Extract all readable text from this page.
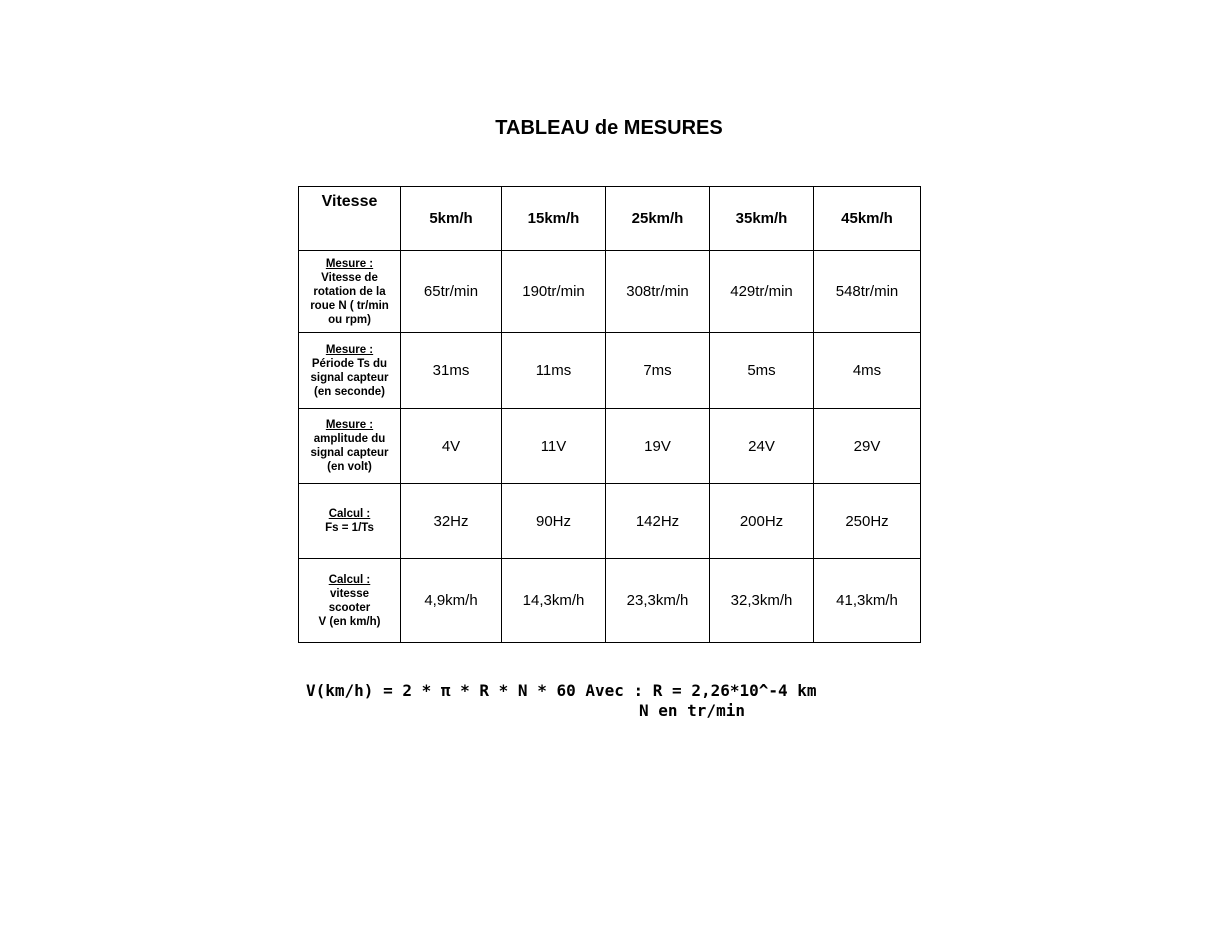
TABLEAU de MESURES
Vitesse	5km/h	15km/h	25km/h	35km/h	45km/h

Mesure :
Vitesse de
rotation de la
roue N ( tr/min
ou rpm)	65tr/min	190tr/min	308tr/min	429tr/min	548tr/min

Mesure :
Période Ts du
signal capteur
(en seconde)	31ms	11ms	7ms	5ms	4ms

Mesure :
amplitude du
signal capteur
(en volt)	4V	11V	19V	24V	29V

Calcul :
Fs = 1/Ts	32Hz	90Hz	142Hz	200Hz	250Hz

Calcul :
vitesse
scooter
V (en km/h)	4,9km/h	14,3km/h	23,3km/h	32,3km/h	41,3km/h
V(km/h) = 2 * π * R * N * 60 Avec : R = 2,26*10^-4 km

N en tr/min
